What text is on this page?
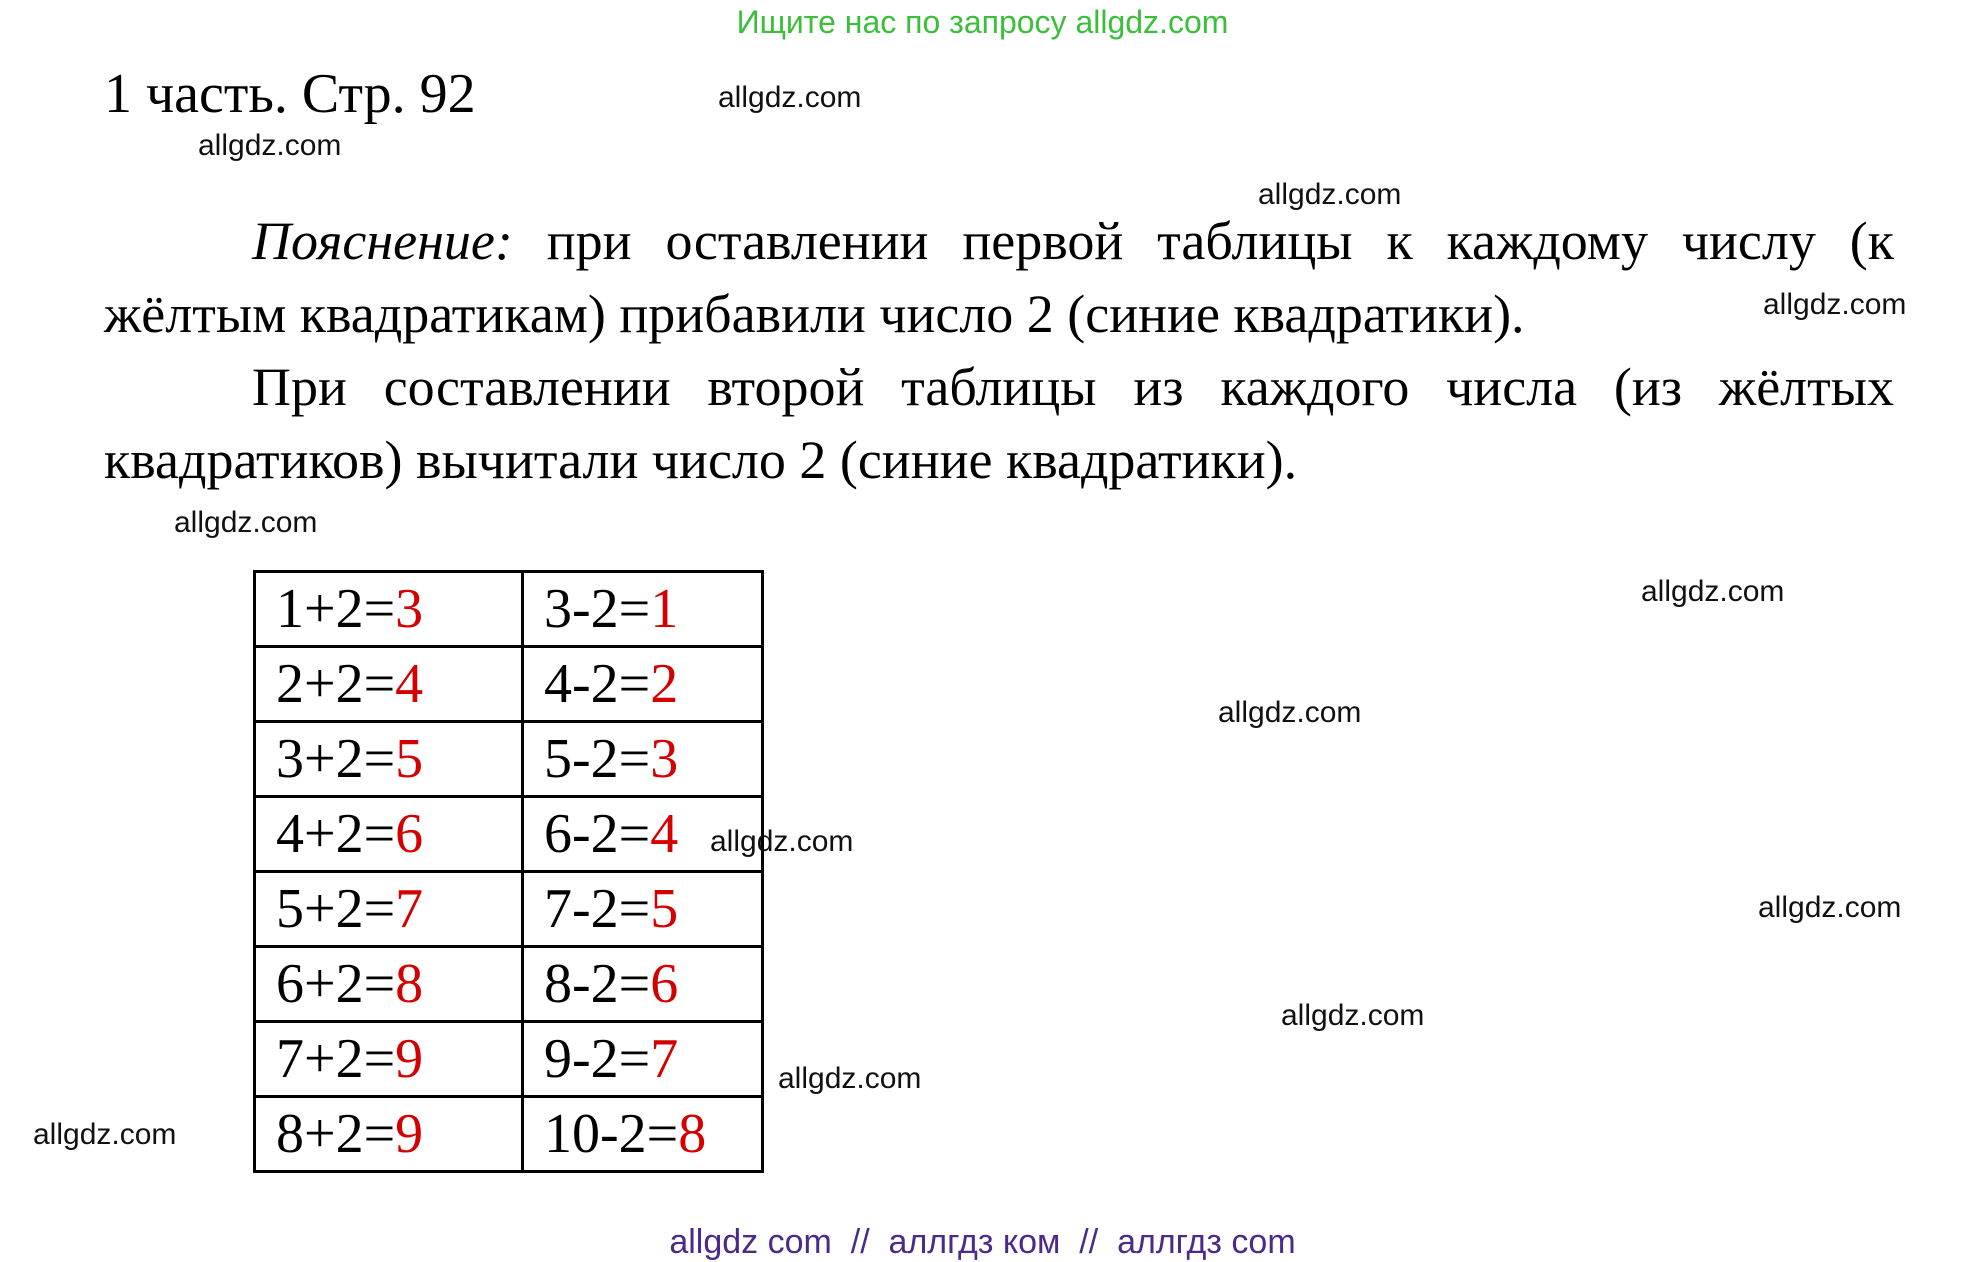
Ищите нас по запросу allgdz.com
1 часть. Стр. 92

Пояснение: при оставлении первой таблицы к каждому числу (к жёлтым квадратикам) прибавили число 2 (синие квадратики).

При составлении второй таблицы из каждого числа (из жёлтых квадратиков) вычитали число 2 (синие квадратики).

1+2=3	3-2=1
2+2=4	4-2=2
3+2=5	5-2=3
4+2=6	6-2=4
5+2=7	7-2=5
6+2=8	8-2=6
7+2=9	9-2=7
8+2=9	10-2=8
allgdz.com
allgdz.com
allgdz.com
allgdz.com
allgdz.com
allgdz.com
allgdz.com
allgdz.com
allgdz.com
allgdz.com
allgdz.com
allgdz.com
allgdz com  //  аллгдз ком  //  аллгдз com
